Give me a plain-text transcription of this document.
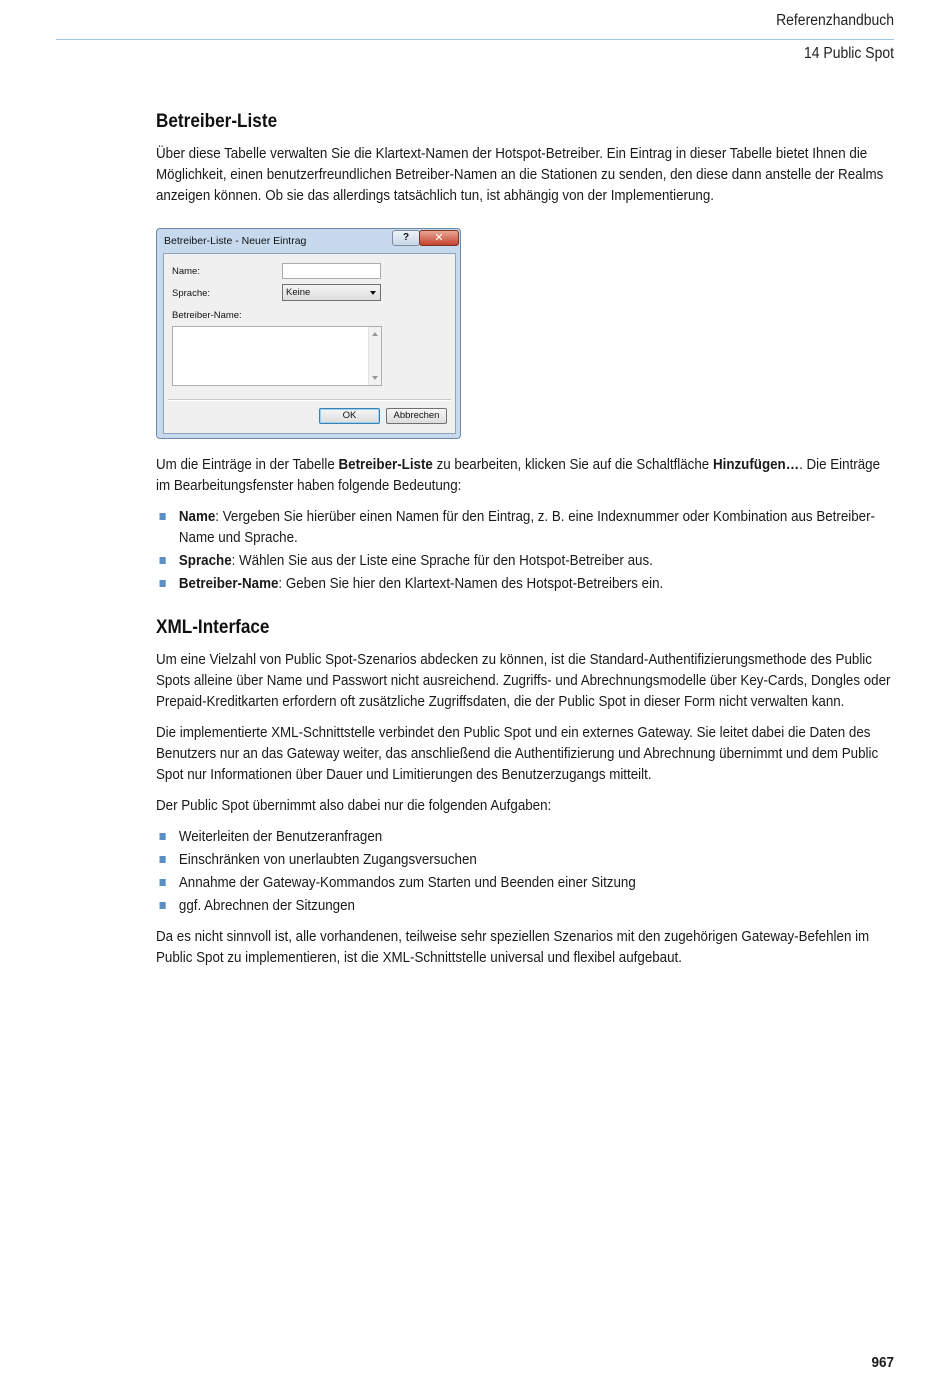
Referenzhandbuch
14 Public Spot
Betreiber-Liste

Über diese Tabelle verwalten Sie die Klartext-Namen der Hotspot-Betreiber. Ein Eintrag in dieser Tabelle bietet Ihnen die Möglichkeit, einen benutzerfreundlichen Betreiber-Namen an die Stationen zu senden, den diese dann anstelle der Realms anzeigen können. Ob sie das allerdings tatsächlich tun, ist abhängig von der Implementierung.

Betreiber-Liste - Neuer Eintrag	?	✕
Name:
Sprache:	Keine
Betreiber-Name:
OK	Abbrechen

Um die Einträge in der Tabelle Betreiber-Liste zu bearbeiten, klicken Sie auf die Schaltfläche Hinzufügen…. Die Einträge im Bearbeitungsfenster haben folgende Bedeutung:

Name: Vergeben Sie hierüber einen Namen für den Eintrag, z. B. eine Indexnummer oder Kombination aus Betreiber-Name und Sprache.
Sprache: Wählen Sie aus der Liste eine Sprache für den Hotspot-Betreiber aus.
Betreiber-Name: Geben Sie hier den Klartext-Namen des Hotspot-Betreibers ein.
XML-Interface

Um eine Vielzahl von Public Spot-Szenarios abdecken zu können, ist die Standard-Authentifizierungsmethode des Public Spots alleine über Name und Passwort nicht ausreichend. Zugriffs- und Abrechnungsmodelle über Key-Cards, Dongles oder Prepaid-Kreditkarten erfordern oft zusätzliche Zugriffsdaten, die der Public Spot in dieser Form nicht verwalten kann.

Die implementierte XML-Schnittstelle verbindet den Public Spot und ein externes Gateway. Sie leitet dabei die Daten des Benutzers nur an das Gateway weiter, das anschließend die Authentifizierung und Abrechnung übernimmt und dem Public Spot nur Informationen über Dauer und Limitierungen des Benutzerzugangs mitteilt.

Der Public Spot übernimmt also dabei nur die folgenden Aufgaben:

Weiterleiten der Benutzeranfragen
Einschränken von unerlaubten Zugangsversuchen
Annahme der Gateway-Kommandos zum Starten und Beenden einer Sitzung
ggf. Abrechnen der Sitzungen

Da es nicht sinnvoll ist, alle vorhandenen, teilweise sehr speziellen Szenarios mit den zugehörigen Gateway-Befehlen im Public Spot zu implementieren, ist die XML-Schnittstelle universal und flexibel aufgebaut.

967
